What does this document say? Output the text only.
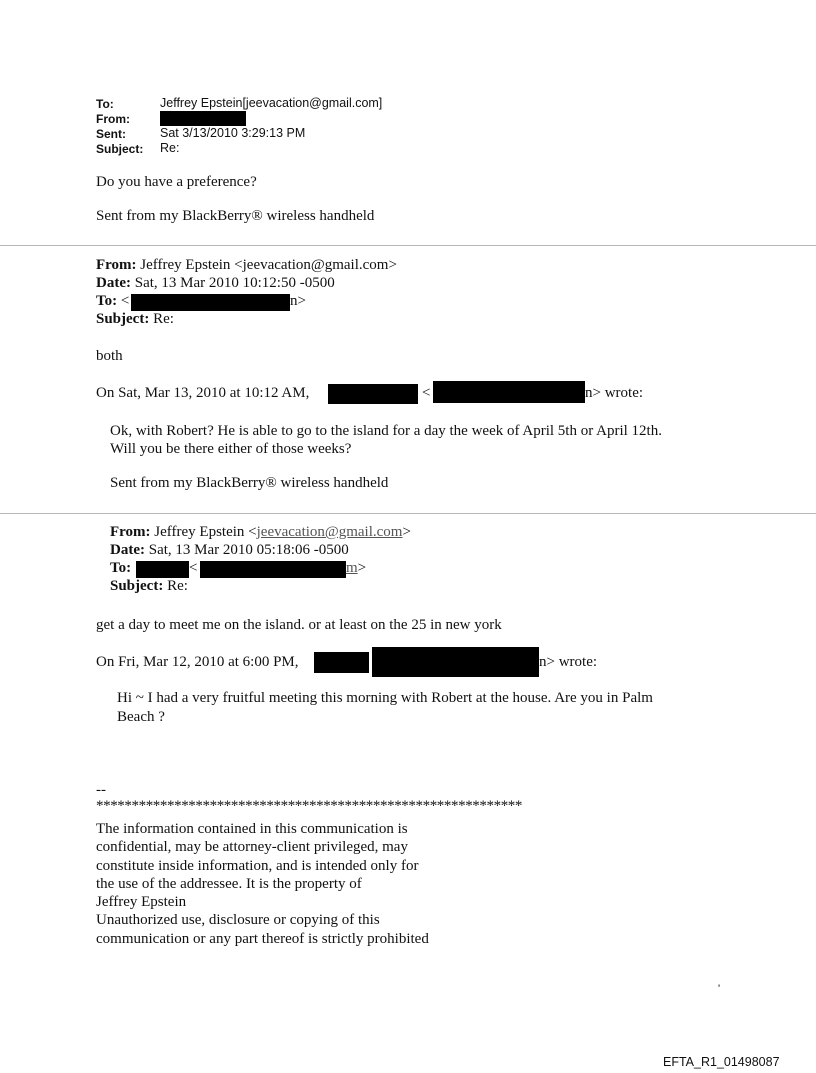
To:	Jeffrey Epstein[jeevacation@gmail.com]
From:
Sent:	Sat 3/13/2010 3:29:13 PM
Subject: Re:
Do you have a preference?
Sent from my BlackBerry® wireless handheld
From: Jeffrey Epstein <jeevacation@gmail.com>
Date: Sat, 13 Mar 2010 10:12:50 -0500
To: <	n>
Subject: Re:
both
On Sat, Mar 13, 2010 at 10:12 AM,	<	n> wrote:
Ok, with Robert? He is able to go to the island for a day the week of April 5th or April 12th.
Will you be there either of those weeks?
Sent from my BlackBerry® wireless handheld
From: Jeffrey Epstein <jeevacation@gmail.com>
Date: Sat, 13 Mar 2010 05:18:06 -0500
To:	<	m>
Subject: Re:
get a day to meet me on the island. or at least on the 25 in new york
On Fri, Mar 12, 2010 at 6:00 PM,	n> wrote:
Hi ~ I had a very fruitful meeting this morning with Robert at the house. Are you in Palm
Beach ?
--
************************************************************
The information contained in this communication is
confidential, may be attorney-client privileged, may
constitute inside information, and is intended only for
the use of the addressee. It is the property of
Jeffrey Epstein
Unauthorized use, disclosure or copying of this
communication or any part thereof is strictly prohibited
'
EFTA_R1_01498087
